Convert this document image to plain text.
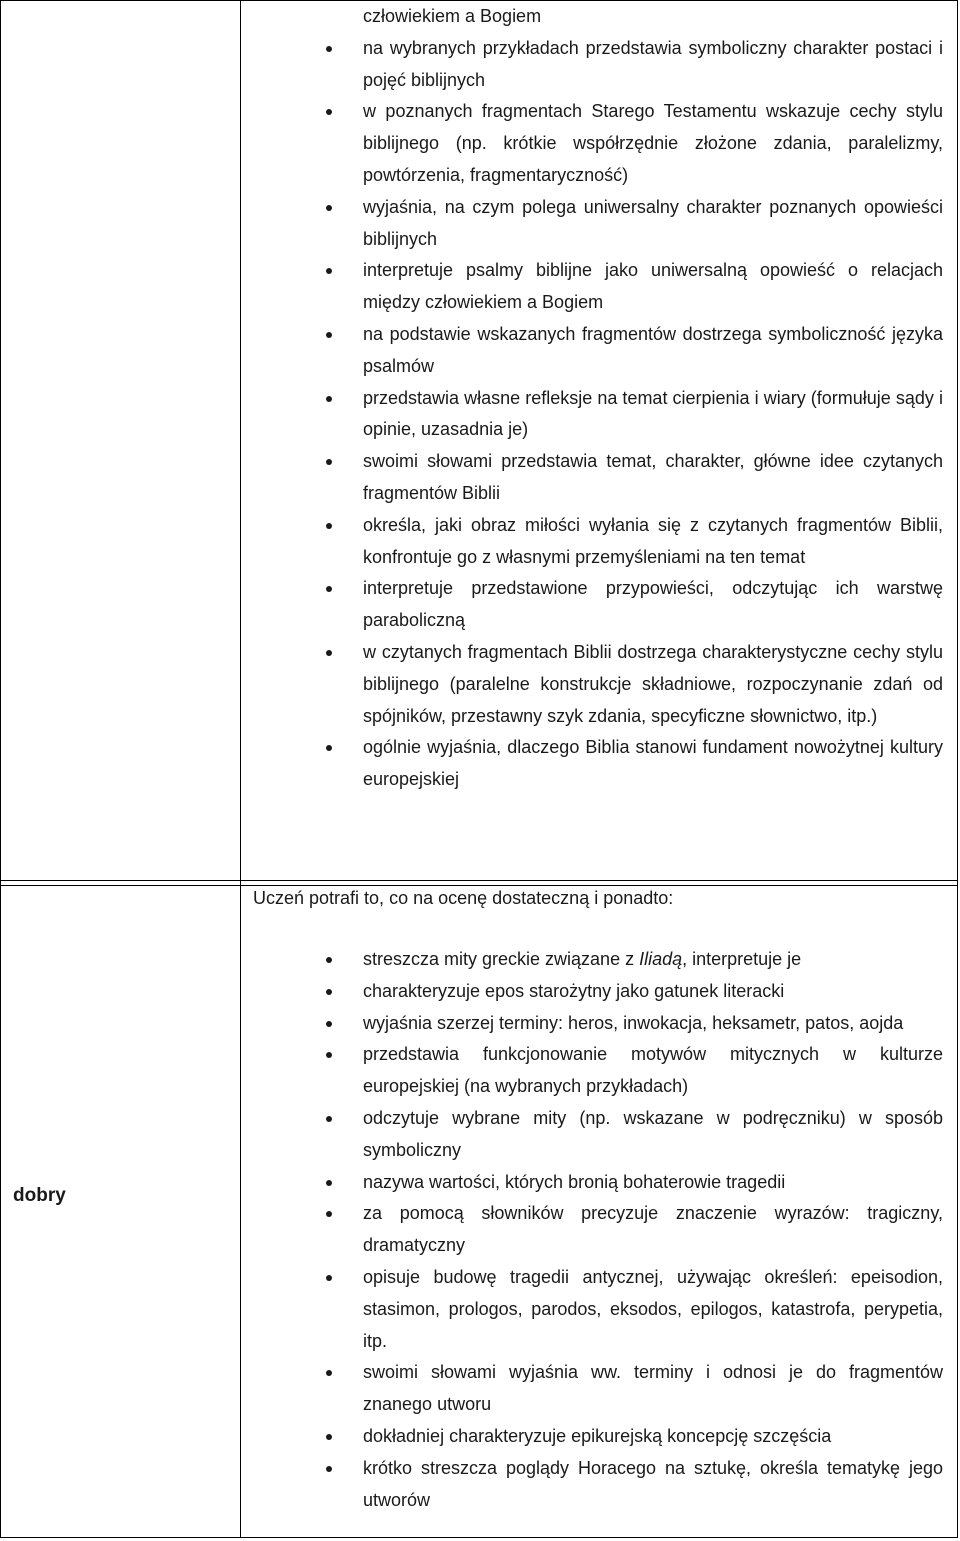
człowiekiem a Bogiem
na wybranych przykładach przedstawia symboliczny charakter postaci i pojęć biblijnych
w poznanych fragmentach Starego Testamentu wskazuje cechy stylu biblijnego (np. krótkie współrzędnie złożone zdania, paralelizmy, powtórzenia, fragmentaryczność)
wyjaśnia, na czym polega uniwersalny charakter poznanych opowieści biblijnych
interpretuje psalmy biblijne jako uniwersalną opowieść o relacjach między człowiekiem a Bogiem
na podstawie wskazanych fragmentów dostrzega symboliczność języka psalmów
przedstawia własne refleksje na temat cierpienia i wiary (formułuje sądy i opinie, uzasadnia je)
swoimi słowami przedstawia temat, charakter, główne idee czytanych fragmentów Biblii
określa, jaki obraz miłości wyłania się z czytanych fragmentów Biblii, konfrontuje go z własnymi przemyśleniami na ten temat
interpretuje przedstawione przypowieści, odczytując ich warstwę paraboliczną
w czytanych fragmentach Biblii dostrzega charakterystyczne cechy stylu biblijnego (paralelne konstrukcje składniowe, rozpoczynanie zdań od spójników, przestawny szyk zdania, specyficzne słownictwo, itp.)
ogólnie wyjaśnia, dlaczego Biblia stanowi fundament nowożytnej kultury europejskiej
dobry
Uczeń potrafi to, co na ocenę dostateczną i ponadto:
streszcza mity greckie związane z Iliadą, interpretuje je
charakteryzuje epos starożytny jako gatunek literacki
wyjaśnia szerzej terminy: heros, inwokacja, heksametr, patos, aojda
przedstawia funkcjonowanie motywów mitycznych w kulturze europejskiej (na wybranych przykładach)
odczytuje wybrane mity (np. wskazane w podręczniku) w sposób symboliczny
nazywa wartości, których bronią bohaterowie tragedii
za pomocą słowników precyzuje znaczenie wyrazów: tragiczny, dramatyczny
opisuje budowę tragedii antycznej, używając określeń: epeisodion, stasimon, prologos, parodos, eksodos, epilogos, katastrofa, perypetia, itp.
swoimi słowami wyjaśnia ww. terminy i odnosi je do fragmentów znanego utworu
dokładniej charakteryzuje epikurejską koncepcję szczęścia
krótko streszcza poglądy Horacego na sztukę, określa tematykę jego utworów
